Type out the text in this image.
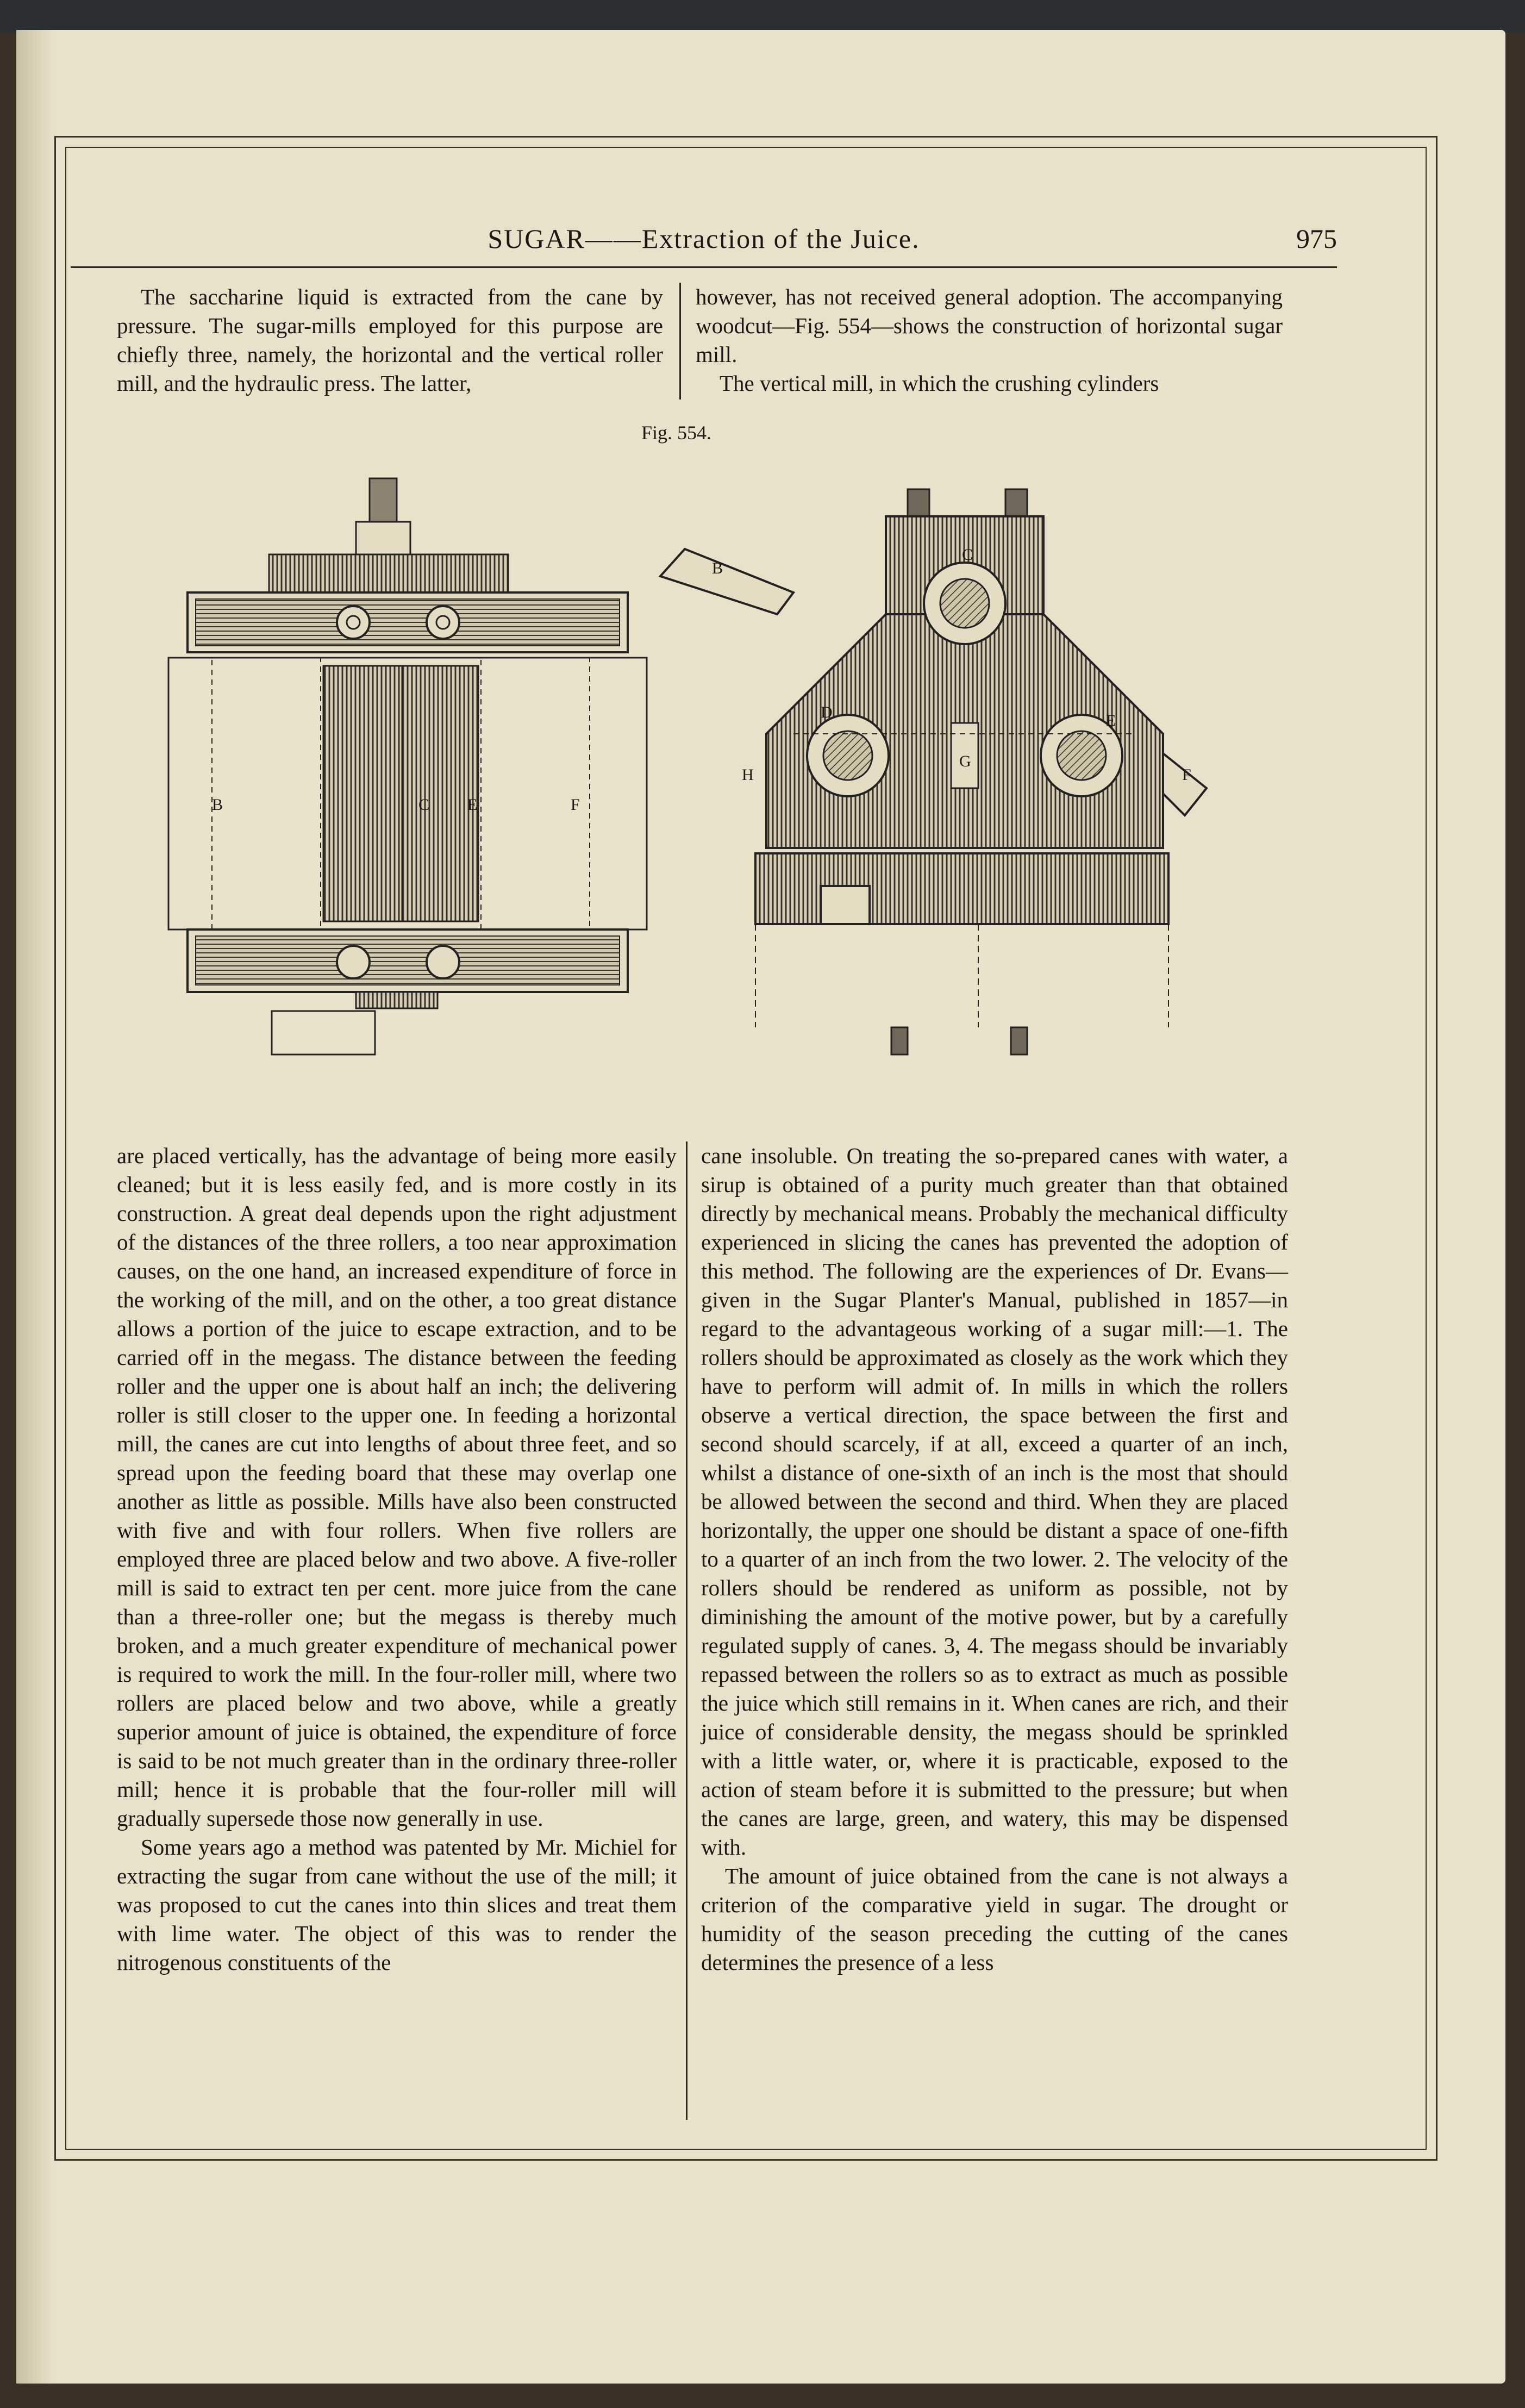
SUGAR——Extraction of the Juice.	975

The saccharine liquid is extracted from the cane by pressure. The sugar-mills employed for this purpose are chiefly three, namely, the horizontal and the vertical roller mill, and the hydraulic press. The latter,

however, has not received general adoption. The accompanying woodcut—Fig. 554—shows the construction of horizontal sugar mill.

The vertical mill, in which the crushing cylinders

Fig. 554.
B	C E	F
B
C
D	E
F
G
H

are placed vertically, has the advantage of being more easily cleaned; but it is less easily fed, and is more costly in its construction. A great deal depends upon the right adjustment of the distances of the three rollers, a too near approximation causes, on the one hand, an increased expenditure of force in the working of the mill, and on the other, a too great distance allows a portion of the juice to escape extraction, and to be carried off in the megass. The distance between the feeding roller and the upper one is about half an inch; the delivering roller is still closer to the upper one. In feeding a horizontal mill, the canes are cut into lengths of about three feet, and so spread upon the feeding board that these may overlap one another as little as possible. Mills have also been constructed with five and with four rollers. When five rollers are employed three are placed below and two above. A five-roller mill is said to extract ten per cent. more juice from the cane than a three-roller one; but the megass is thereby much broken, and a much greater expenditure of mechanical power is required to work the mill. In the four-roller mill, where two rollers are placed below and two above, while a greatly superior amount of juice is obtained, the expenditure of force is said to be not much greater than in the ordinary three-roller mill; hence it is probable that the four-roller mill will gradually supersede those now generally in use.

Some years ago a method was patented by Mr. Michiel for extracting the sugar from cane without the use of the mill; it was proposed to cut the canes into thin slices and treat them with lime water. The object of this was to render the nitrogenous constituents of the

cane insoluble. On treating the so-prepared canes with water, a sirup is obtained of a purity much greater than that obtained directly by mechanical means. Probably the mechanical difficulty experienced in slicing the canes has prevented the adoption of this method. The following are the experiences of Dr. Evans—given in the Sugar Planter's Manual, published in 1857—in regard to the advantageous working of a sugar mill:—1. The rollers should be approximated as closely as the work which they have to perform will admit of. In mills in which the rollers observe a vertical direction, the space between the first and second should scarcely, if at all, exceed a quarter of an inch, whilst a distance of one-sixth of an inch is the most that should be allowed between the second and third. When they are placed horizontally, the upper one should be distant a space of one-fifth to a quarter of an inch from the two lower. 2. The velocity of the rollers should be rendered as uniform as possible, not by diminishing the amount of the motive power, but by a carefully regulated supply of canes. 3, 4. The megass should be invariably repassed between the rollers so as to extract as much as possible the juice which still remains in it. When canes are rich, and their juice of considerable density, the megass should be sprinkled with a little water, or, where it is practicable, exposed to the action of steam before it is submitted to the pressure; but when the canes are large, green, and watery, this may be dispensed with.

The amount of juice obtained from the cane is not always a criterion of the comparative yield in sugar. The drought or humidity of the season preceding the cutting of the canes determines the presence of a less
